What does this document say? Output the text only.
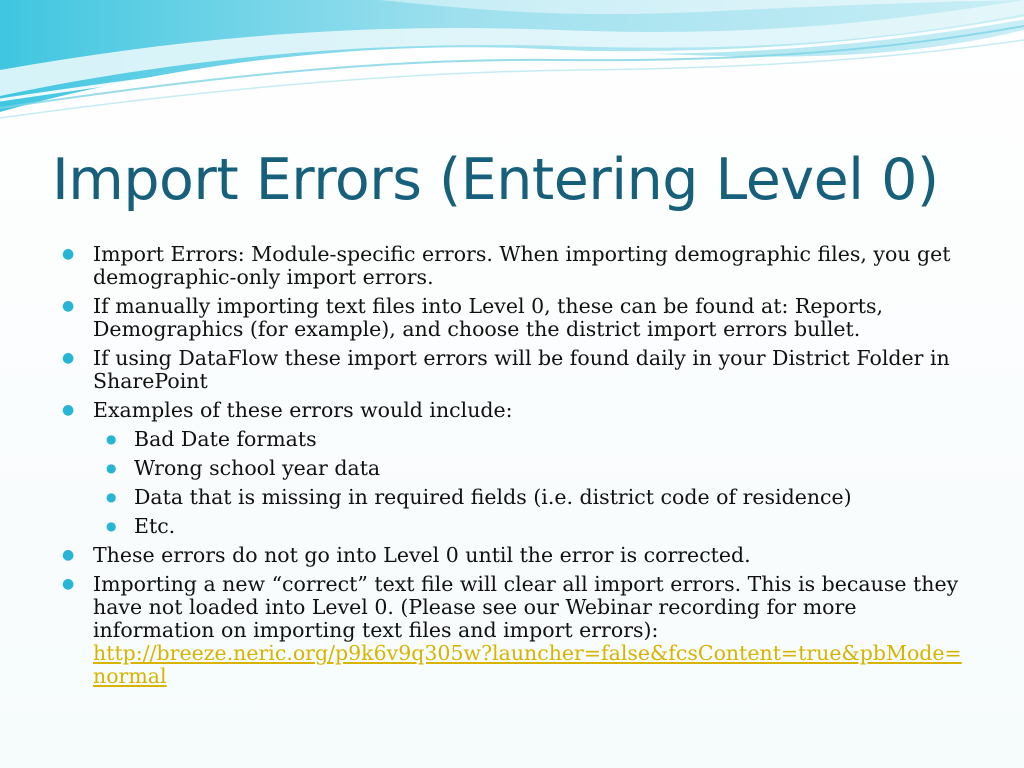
Import Errors (Entering Level 0)
● Import Errors: Module-specific errors. When importing demographic files, you get demographic-only import errors.
● If manually importing text files into Level 0, these can be found at: Reports, Demographics (for example), and choose the district import errors bullet.
● If using DataFlow these import errors will be found daily in your District Folder in SharePoint
● Examples of these errors would include:
● Bad Date formats
● Wrong school year data
● Data that is missing in required fields (i.e. district code of residence)
● Etc.
● These errors do not go into Level 0 until the error is corrected.
● Importing a new “correct” text file will clear all import errors. This is because they have not loaded into Level 0. (Please see our Webinar recording for more information on importing text files and import errors):
http://breeze.neric.org/p9k6v9q305w?launcher=false&fcsContent=true&pbMode=normal
